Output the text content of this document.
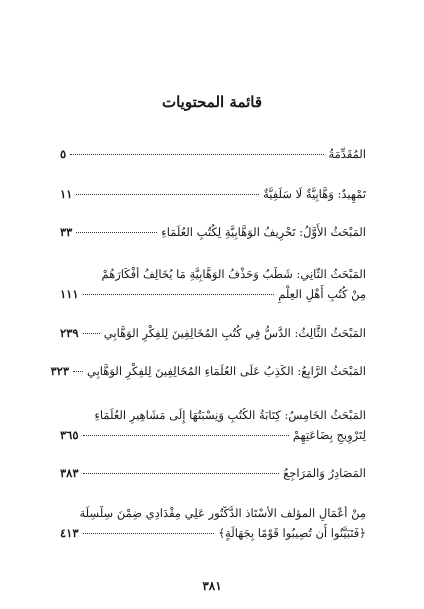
قائمة المحتويات
المُقَدِّمَةُ
٥
تَمْهِيدٌ: وَهَّابِيَّةٌ لَا سَلَفِيَّةٌ
١١
المَبْحَثُ الأَوَّلُ: تَحْرِيفُ الوَهَّابِيَّةِ لِكُتُبِ العُلَمَاءِ
٣٣
المَبْحَثُ الثَّانِي: شَطْبُ وَحَذْفُ الوَهَّابِيَّةِ مَا يُخَالِفُ أَفْكَارَهُمْ
مِنْ كُتُبِ أَهْلِ العِلْمِ
١١١
المَبْحَثُ الثَّالِثُ: الدَّسُّ فِي كُتُبِ المُخَالِفِينَ لِلفِكْرِ الوَهَّابِي
٢٣٩
المَبْحَثُ الرَّابِعُ: الكَذِبُ عَلَى العُلَمَاءِ المُخَالِفِينَ لِلفِكْرِ الوَهَّابِي
٣٢٣
المَبْحَثُ الخَامِسُ: كِتَابَةُ الكُتُبِ وَنِسْبَتُهَا إِلَى مَشَاهِيرِ العُلَمَاءِ
لِتَرْوِيجِ بِضَاعَتِهِمْ
٣٦٥
المَصَادِرُ وَالمَرَاجِعُ
٣٨٣
مِنْ أَعْمَالِ المؤلف الأُسْتَاذ الدُّكْتُور عَلِي مِقْدَادِي ضِمْنَ سِلْسِلَة
﴿فَتَبَيَّنُوا أَن تُصِيبُوا قَوْمًا بِجَهَالَةٍ﴾
٤١٣
٣٨١
